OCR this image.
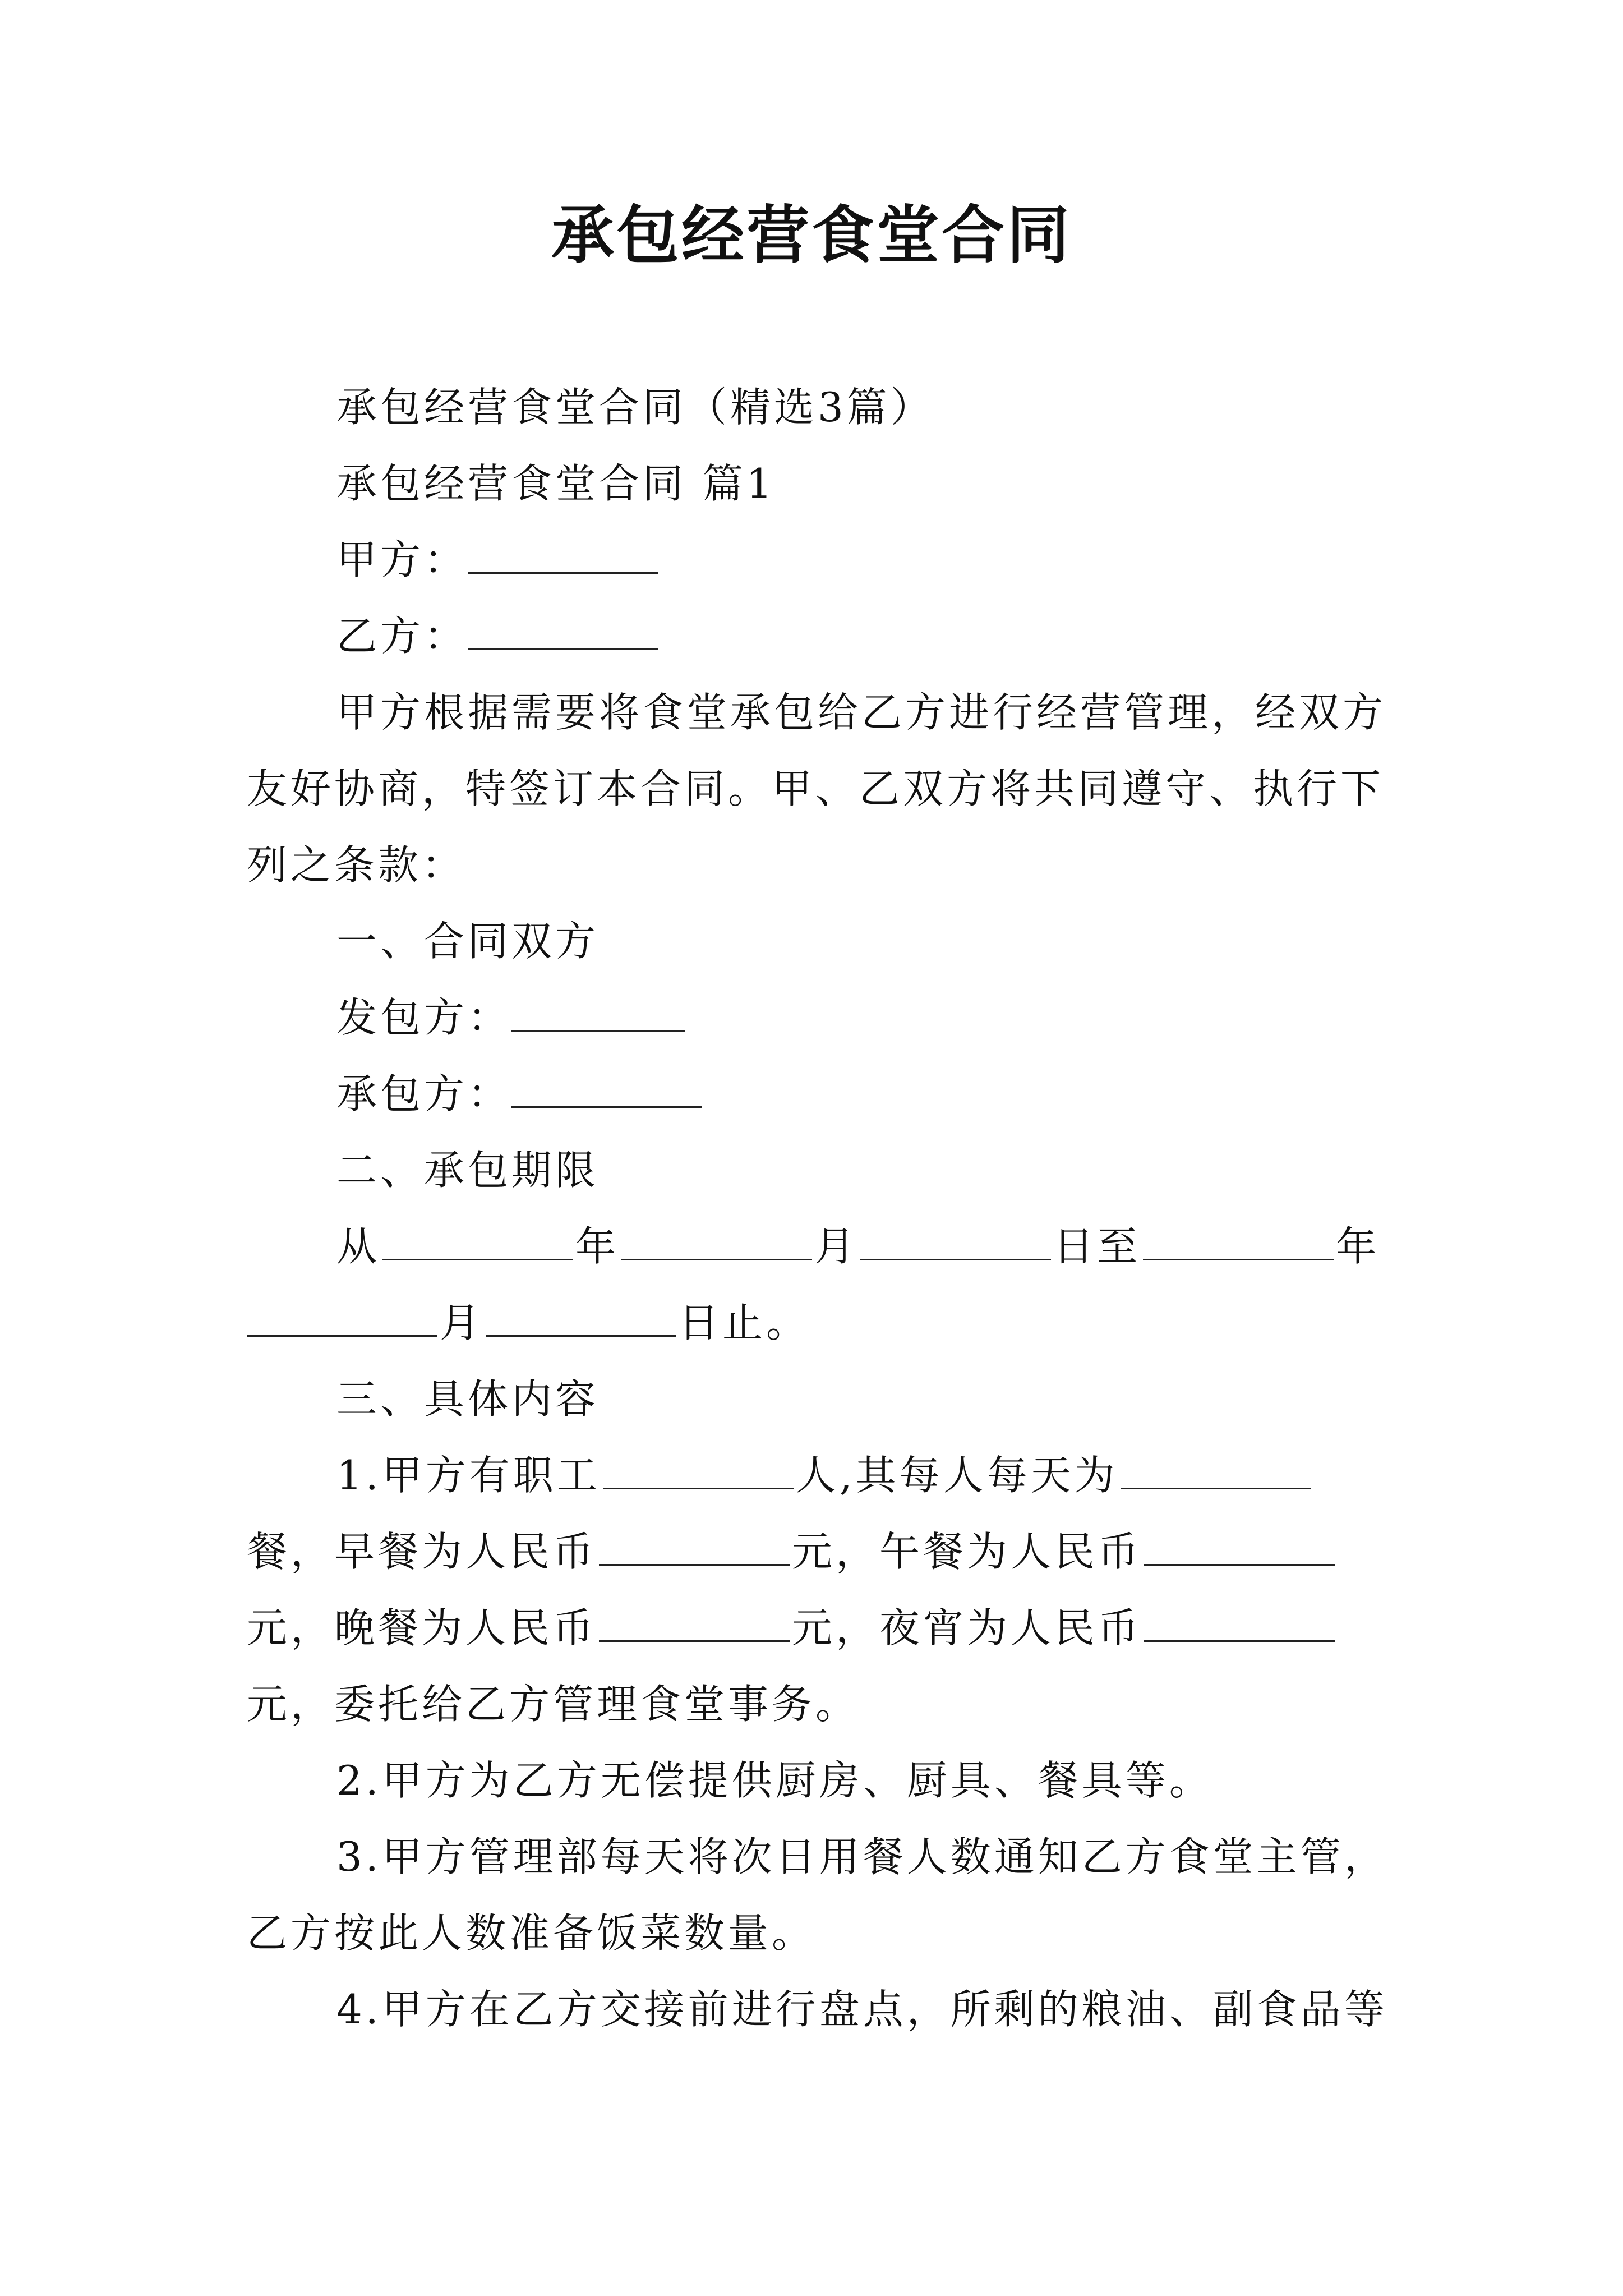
承包经营食堂合同

承包经营食堂合同（精选3篇）

承包经营食堂合同 篇1

甲方：

乙方：

甲方根据需要将食堂承包给乙方进行经营管理，经双方友好协商，特签订本合同。甲、乙双方将共同遵守、执行下列之条款：

一、合同双方

发包方：

承包方：

二、承包期限

从	年	月	日至	年月	日止。

三、具体内容

1.甲方有职工	人,其每人每天为餐，早餐为人民币	元，午餐为人民币元，晚餐为人民币	元，夜宵为人民币元，委托给乙方管理食堂事务。

2.甲方为乙方无偿提供厨房、厨具、餐具等。

3.甲方管理部每天将次日用餐人数通知乙方食堂主管，乙方按此人数准备饭菜数量。

4.甲方在乙方交接前进行盘点，所剩的粮油、副食品等
